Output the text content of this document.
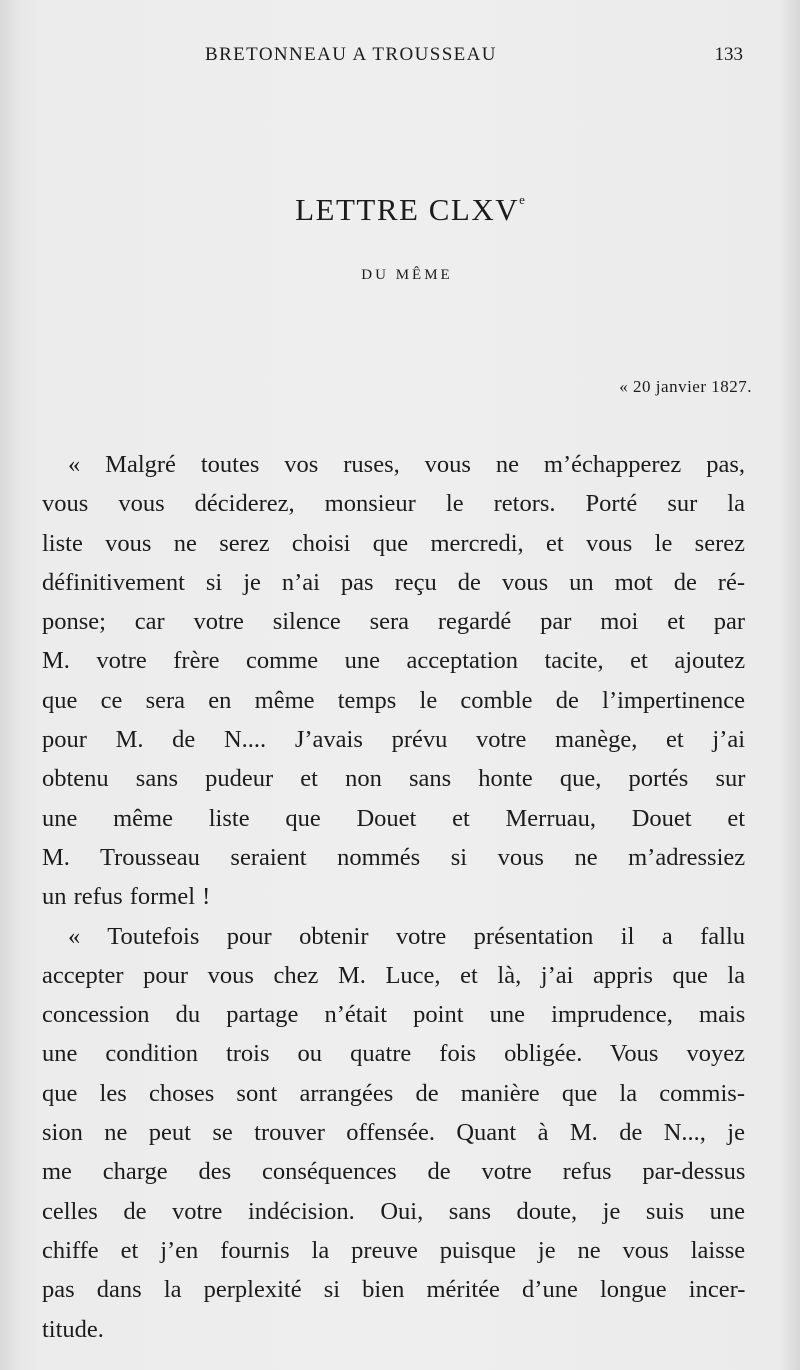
BRETONNEAU A TROUSSEAU	133
LETTRE CLXVe
DU MÊME
« 20 janvier 1827.
« Malgré toutes vos ruses, vous ne m’échapperez pas,
vous vous déciderez, monsieur le retors. Porté sur la
liste vous ne serez choisi que mercredi, et vous le serez
définitivement si je n’ai pas reçu de vous un mot de ré-
ponse; car votre silence sera regardé par moi et par
M. votre frère comme une acceptation tacite, et ajoutez
que ce sera en même temps le comble de l’impertinence
pour M. de N.... J’avais prévu votre manège, et j’ai
obtenu sans pudeur et non sans honte que, portés sur
une même liste que Douet et Merruau, Douet et
M. Trousseau seraient nommés si vous ne m’adressiez
un refus formel !
« Toutefois pour obtenir votre présentation il a fallu
accepter pour vous chez M. Luce, et là, j’ai appris que la
concession du partage n’était point une imprudence, mais
une condition trois ou quatre fois obligée. Vous voyez
que les choses sont arrangées de manière que la commis-
sion ne peut se trouver offensée. Quant à M. de N..., je
me charge des conséquences de votre refus par-dessus
celles de votre indécision. Oui, sans doute, je suis une
chiffe et j’en fournis la preuve puisque je ne vous laisse
pas dans la perplexité si bien méritée d’une longue incer-
titude.
